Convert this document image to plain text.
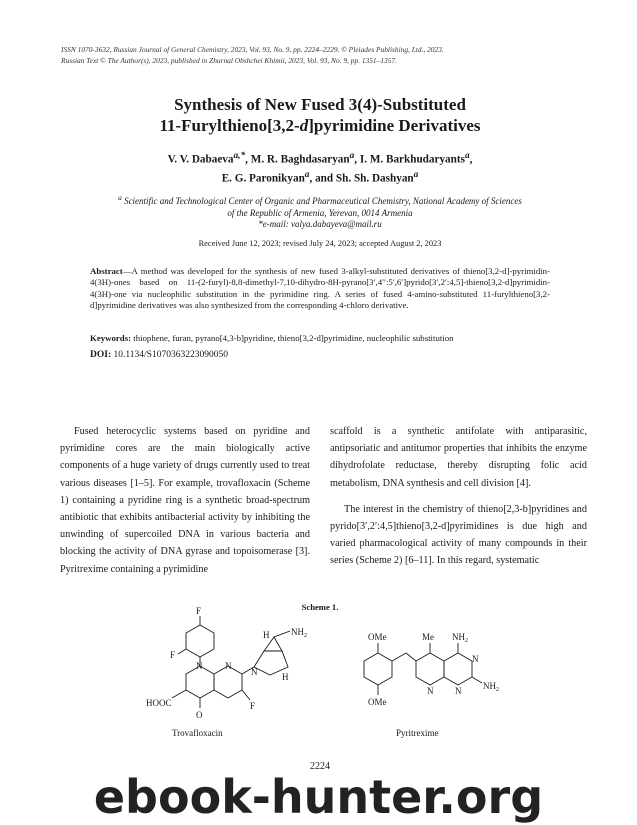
ISSN 1070-3632, Russian Journal of General Chemistry, 2023, Vol. 93, No. 9, pp. 2224–2229. © Pleiades Publishing, Ltd., 2023.
Russian Text © The Author(s), 2023, published in Zhurnal Obshchei Khimii, 2023, Vol. 93, No. 9, pp. 1351–1357.
Synthesis of New Fused 3(4)-Substituted
11-Furylthieno[3,2-d]pyrimidine Derivatives
V. V. Dabaeva$^{a,*}$, M. R. Baghdasaryan$^a$, I. M. Barkhudaryants$^a$,
E. G. Paronikyan$^a$, and Sh. Sh. Dashyan$^a$
$^a$ Scientific and Technological Center of Organic and Pharmaceutical Chemistry, National Academy of Sciences
of the Republic of Armenia, Yerevan, 0014 Armenia
*e-mail: valya.dabayeva@mail.ru
Received June 12, 2023; revised July 24, 2023; accepted August 2, 2023
Abstract—A method was developed for the synthesis of new fused 3-alkyl-substituted derivatives of thieno[3,2-d]-pyrimidin-4(3H)-ones based on 11-(2-furyl)-8,8-dimethyl-7,10-dihydro-8H-pyrano[3′,4′′:5′,6′]pyrido[3′,2′:4,5]-thieno[3,2-d]pyrimidin-4(3H)-one via nucleophilic substitution in the pyrimidine ring. A series of fused 4-amino-substituted 11-furylthieno[3,2-d]pyrimidine derivatives was also synthesized from the corresponding 4-chloro derivative.
Keywords: thiophene, furan, pyrano[4,3-b]pyridine, thieno[3,2-d]pyrimidine, nucleophilic substitution
DOI: 10.1134/S1070363223090050

Fused heterocyclic systems based on pyridine and pyrimidine cores are the main biologically active components of a huge variety of drugs currently used to treat various diseases [1–5]. For example, trovafloxacin (Scheme 1) containing a pyridine ring is a synthetic broad-spectrum antibiotic that exhibits antibacterial activity by inhibiting the unwinding of supercoiled DNA in various bacteria and blocking the activity of DNA gyrase and topoisomerase [3]. Pyritrexime containing a pyrimidine

scaffold is a synthetic antifolate with antiparasitic, antipsoriatic and antitumor properties that inhibits the enzyme dihydrofolate reductase, thereby disrupting folic acid metabolism, DNA synthesis and cell division [4].

The interest in the chemistry of thieno[2,3-b]pyridines and pyrido[3′,2′:4,5]thieno[3,2-d]pyrimidines is due high and varied pharmacological activity of many compounds in their series (Scheme 2) [6–11]. In this regard, systematic

Scheme 1.
F
F
N	N
N
H
H
$NH_2$
HOOC
O
F
Trovafloxacin
OMe
OMe
Me $NH_2$
$NH_2$
N
N
N
Pyritrexime
2224
ebook-hunter.org
